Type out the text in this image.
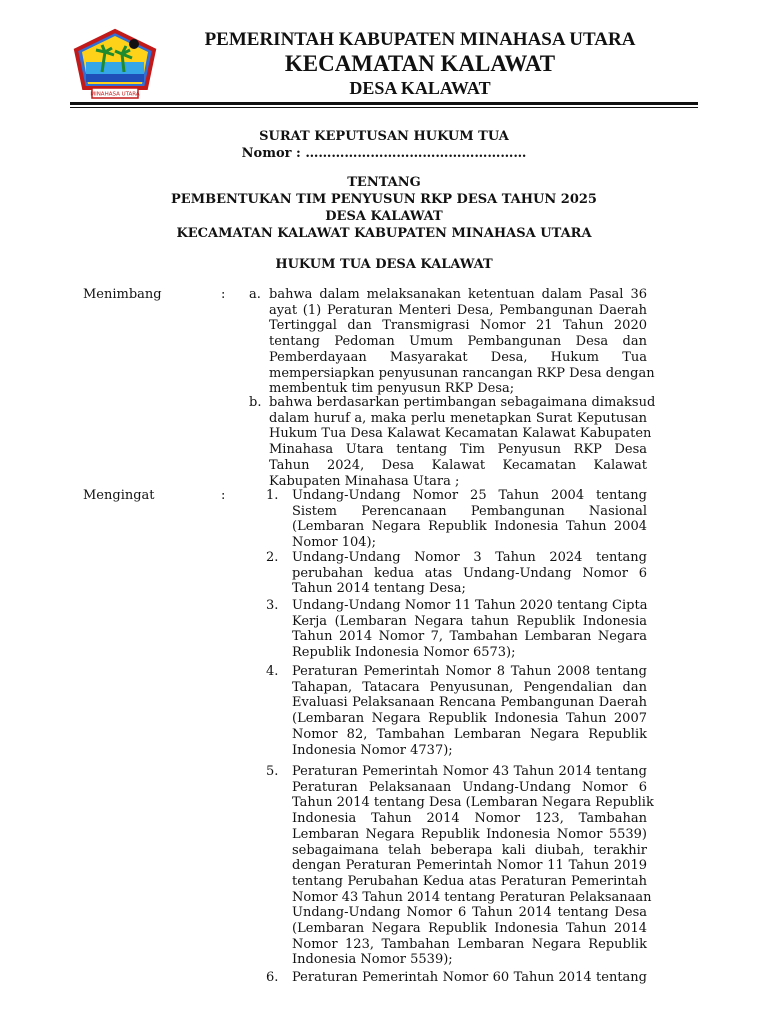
MINAHASA UTARA
PEMERINTAH KABUPATEN MINAHASA UTARA
KECAMATAN KALAWAT
DESA KALAWAT
SURAT KEPUTUSAN HUKUM TUA
Nomor : ……………………………………………
TENTANG
PEMBENTUKAN TIM PENYUSUN RKP DESA TAHUN 2025
DESA KALAWAT
KECAMATAN KALAWAT KABUPATEN MINAHASA UTARA
HUKUM TUA DESA KALAWAT
Menimbang	: a. bahwa dalam melaksanakan ketentuan dalam Pasal 36
ayat (1) Peraturan Menteri Desa, Pembangunan Daerah
Tertinggal dan Transmigrasi Nomor 21 Tahun 2020
tentang Pedoman Umum Pembangunan Desa dan
Pemberdayaan Masyarakat Desa, Hukum Tua
mempersiapkan penyusunan rancangan RKP Desa dengan
membentuk tim penyusun RKP Desa;
b. bahwa berdasarkan pertimbangan sebagaimana dimaksud
dalam huruf a, maka perlu menetapkan Surat Keputusan
Hukum Tua Desa Kalawat Kecamatan Kalawat Kabupaten
Minahasa Utara tentang Tim Penyusun RKP Desa
Tahun 2024, Desa Kalawat Kecamatan Kalawat
Kabupaten Minahasa Utara ;
Mengingat	:	1. Undang-Undang Nomor 25 Tahun 2004 tentang
Sistem Perencanaan Pembangunan Nasional
(Lembaran Negara Republik Indonesia Tahun 2004
Nomor 104);
2. Undang-Undang Nomor 3 Tahun 2024 tentang
perubahan kedua atas Undang-Undang Nomor 6
Tahun 2014 tentang Desa;
3. Undang-Undang Nomor 11 Tahun 2020 tentang Cipta
Kerja (Lembaran Negara tahun Republik Indonesia
Tahun 2014 Nomor 7, Tambahan Lembaran Negara
Republik Indonesia Nomor 6573);
4. Peraturan Pemerintah Nomor 8 Tahun 2008 tentang
Tahapan, Tatacara Penyusunan, Pengendalian dan
Evaluasi Pelaksanaan Rencana Pembangunan Daerah
(Lembaran Negara Republik Indonesia Tahun 2007
Nomor 82, Tambahan Lembaran Negara Republik
Indonesia Nomor 4737);
5. Peraturan Pemerintah Nomor 43 Tahun 2014 tentang
Peraturan Pelaksanaan Undang-Undang Nomor 6
Tahun 2014 tentang Desa (Lembaran Negara Republik
Indonesia Tahun 2014 Nomor 123, Tambahan
Lembaran Negara Republik Indonesia Nomor 5539)
sebagaimana telah beberapa kali diubah, terakhir
dengan Peraturan Pemerintah Nomor 11 Tahun 2019
tentang Perubahan Kedua atas Peraturan Pemerintah
Nomor 43 Tahun 2014 tentang Peraturan Pelaksanaan
Undang-Undang Nomor 6 Tahun 2014 tentang Desa
(Lembaran Negara Republik Indonesia Tahun 2014
Nomor 123, Tambahan Lembaran Negara Republik
Indonesia Nomor 5539);
6. Peraturan Pemerintah Nomor 60 Tahun 2014 tentang
